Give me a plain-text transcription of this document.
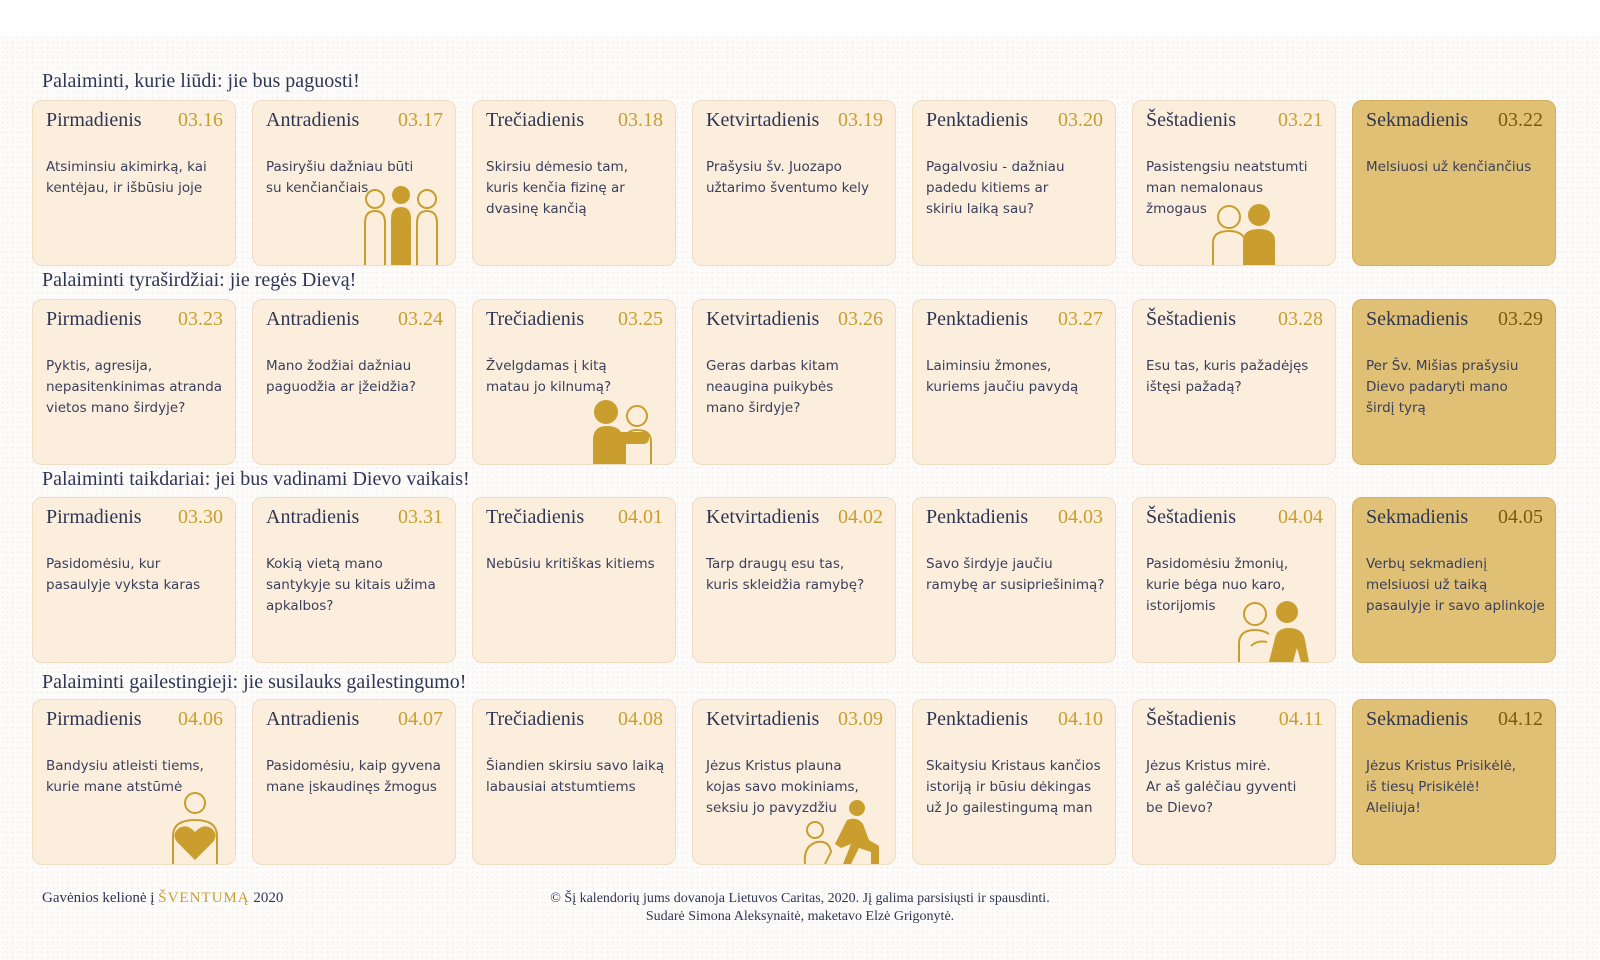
Palaiminti, kurie liūdi: jie bus paguosti!
Pirmadienis 03.16
Atsiminsiu akimirką, kai
kentėjau, ir išbūsiu joje
Antradienis 03.17
Pasiryšiu dažniau būti
su kenčiančiais
Trečiadienis 03.18
Skirsiu dėmesio tam,
kuris kenčia fizinę ar
dvasinę kančią
Ketvirtadienis 03.19
Prašysiu šv. Juozapo
užtarimo šventumo kely
Penktadienis 03.20
Pagalvosiu - dažniau
padedu kitiems ar
skiriu laiką sau?
Šeštadienis 03.21
Pasistengsiu neatstumti
man nemalonaus žmogaus
Sekmadienis 03.22
Melsiuosi už kenčiančius
Palaiminti tyraširdžiai: jie regės Dievą!
Pirmadienis 03.23
Pyktis, agresija,
nepasitenkinimas atranda
vietos mano širdyje?
Antradienis 03.24
Mano žodžiai dažniau
paguodžia ar įžeidžia?
Trečiadienis 03.25
Žvelgdamas į kitą
matau jo kilnumą?
Ketvirtadienis 03.26
Geras darbas kitam
neaugina puikybės
mano širdyje?
Penktadienis 03.27
Laiminsiu žmones,
kuriems jaučiu pavydą
Šeštadienis 03.28
Esu tas, kuris pažadėjęs
ištęsi pažadą?
Sekmadienis 03.29
Per Šv. Mišias prašysiu
Dievo padaryti mano
širdį tyrą
Palaiminti taikdariai: jei bus vadinami Dievo vaikais!
Pirmadienis 03.30
Pasidomėsiu, kur
pasaulyje vyksta karas
Antradienis 03.31
Kokią vietą mano
santykyje su kitais užima
apkalbos?
Trečiadienis 04.01
Nebūsiu kritiškas kitiems
Ketvirtadienis 04.02
Tarp draugų esu tas,
kuris skleidžia ramybę?
Penktadienis 04.03
Savo širdyje jaučiu
ramybę ar susipriešinimą?
Šeštadienis 04.04
Pasidomėsiu žmonių,
kurie bėga nuo karo,
istorijomis
Sekmadienis 04.05
Verbų sekmadienį
melsiuosi už taiką
pasaulyje ir savo aplinkoje
Palaiminti gailestingieji: jie susilauks gailestingumo!
Pirmadienis 04.06
Bandysiu atleisti tiems,
kurie mane atstūmė
Antradienis 04.07
Pasidomėsiu, kaip gyvena
mane įskaudinęs žmogus
Trečiadienis 04.08
Šiandien skirsiu savo laiką
labausiai atstumtiems
Ketvirtadienis 03.09
Jėzus Kristus plauna
kojas savo mokiniams,
seksiu jo pavyzdžiu
Penktadienis 04.10
Skaitysiu Kristaus kančios
istoriją ir būsiu dėkingas
už Jo gailestingumą man
Šeštadienis 04.11
Jėzus Kristus mirė.
Ar aš galėčiau gyventi
be Dievo?
Sekmadienis 04.12
Jėzus Kristus Prisikėlė,
iš tiesų Prisikėlė!
Aleliuja!
Gavėnios kelionė į ŠVENTUMĄ 2020	© Šį kalendorių jums dovanoja Lietuvos Caritas, 2020. Jį galima parsisiųsti ir spausdinti.
Sudarė Simona Aleksynaitė, maketavo Elzė Grigonytė.
